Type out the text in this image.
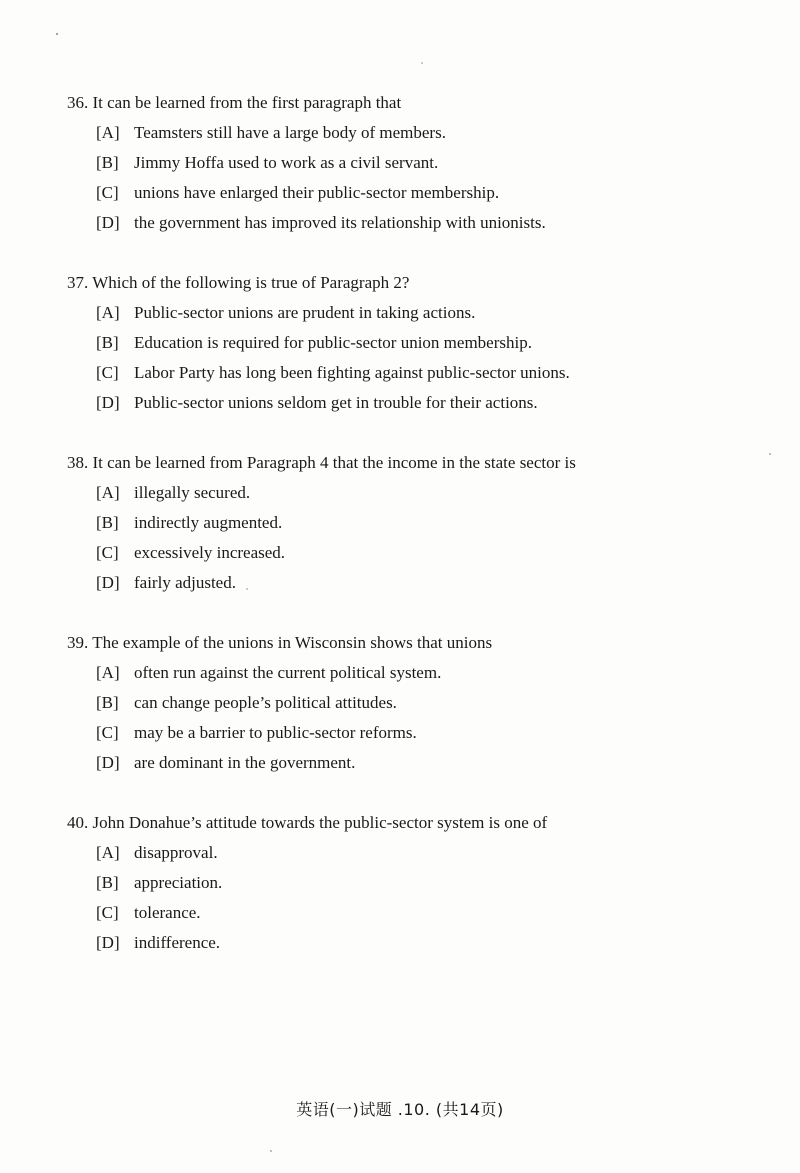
36. It can be learned from the first paragraph that
[A] Teamsters still have a large body of members.
[B] Jimmy Hoffa used to work as a civil servant.
[C] unions have enlarged their public-sector membership.
[D] the government has improved its relationship with unionists.
37. Which of the following is true of Paragraph 2?
[A] Public-sector unions are prudent in taking actions.
[B] Education is required for public-sector union membership.
[C] Labor Party has long been fighting against public-sector unions.
[D] Public-sector unions seldom get in trouble for their actions.
38. It can be learned from Paragraph 4 that the income in the state sector is
[A] illegally secured.
[B] indirectly augmented.
[C] excessively increased.
[D] fairly adjusted.
39. The example of the unions in Wisconsin shows that unions
[A] often run against the current political system.
[B] can change people’s political attitudes.
[C] may be a barrier to public-sector reforms.
[D] are dominant in the government.
40. John Donahue’s attitude towards the public-sector system is one of
[A] disapproval.
[B] appreciation.
[C] tolerance.
[D] indifference.
英语(一)试题 .10. (共14页)
